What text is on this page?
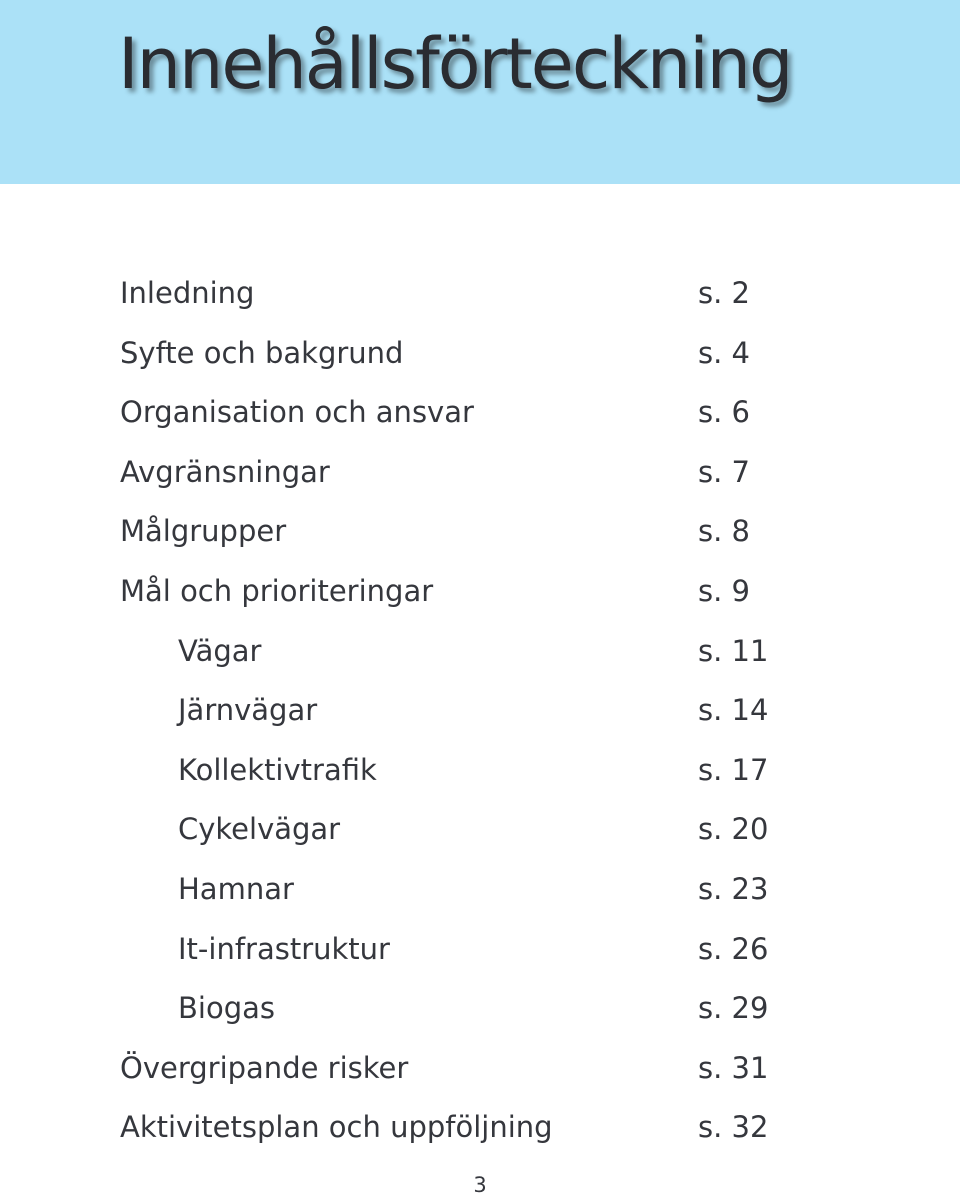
Innehållsförteckning
Inledning	s. 2
Syfte och bakgrund	s. 4
Organisation och ansvar	s. 6
Avgränsningar	s. 7
Målgrupper	s. 8
Mål och prioriteringar	s. 9
Vägar	s. 11
Järnvägar	s. 14
Kollektivtrafik	s. 17
Cykelvägar	s. 20
Hamnar	s. 23
It-infrastruktur	s. 26
Biogas	s. 29
Övergripande risker	s. 31
Aktivitetsplan och uppföljning	s. 32
3
